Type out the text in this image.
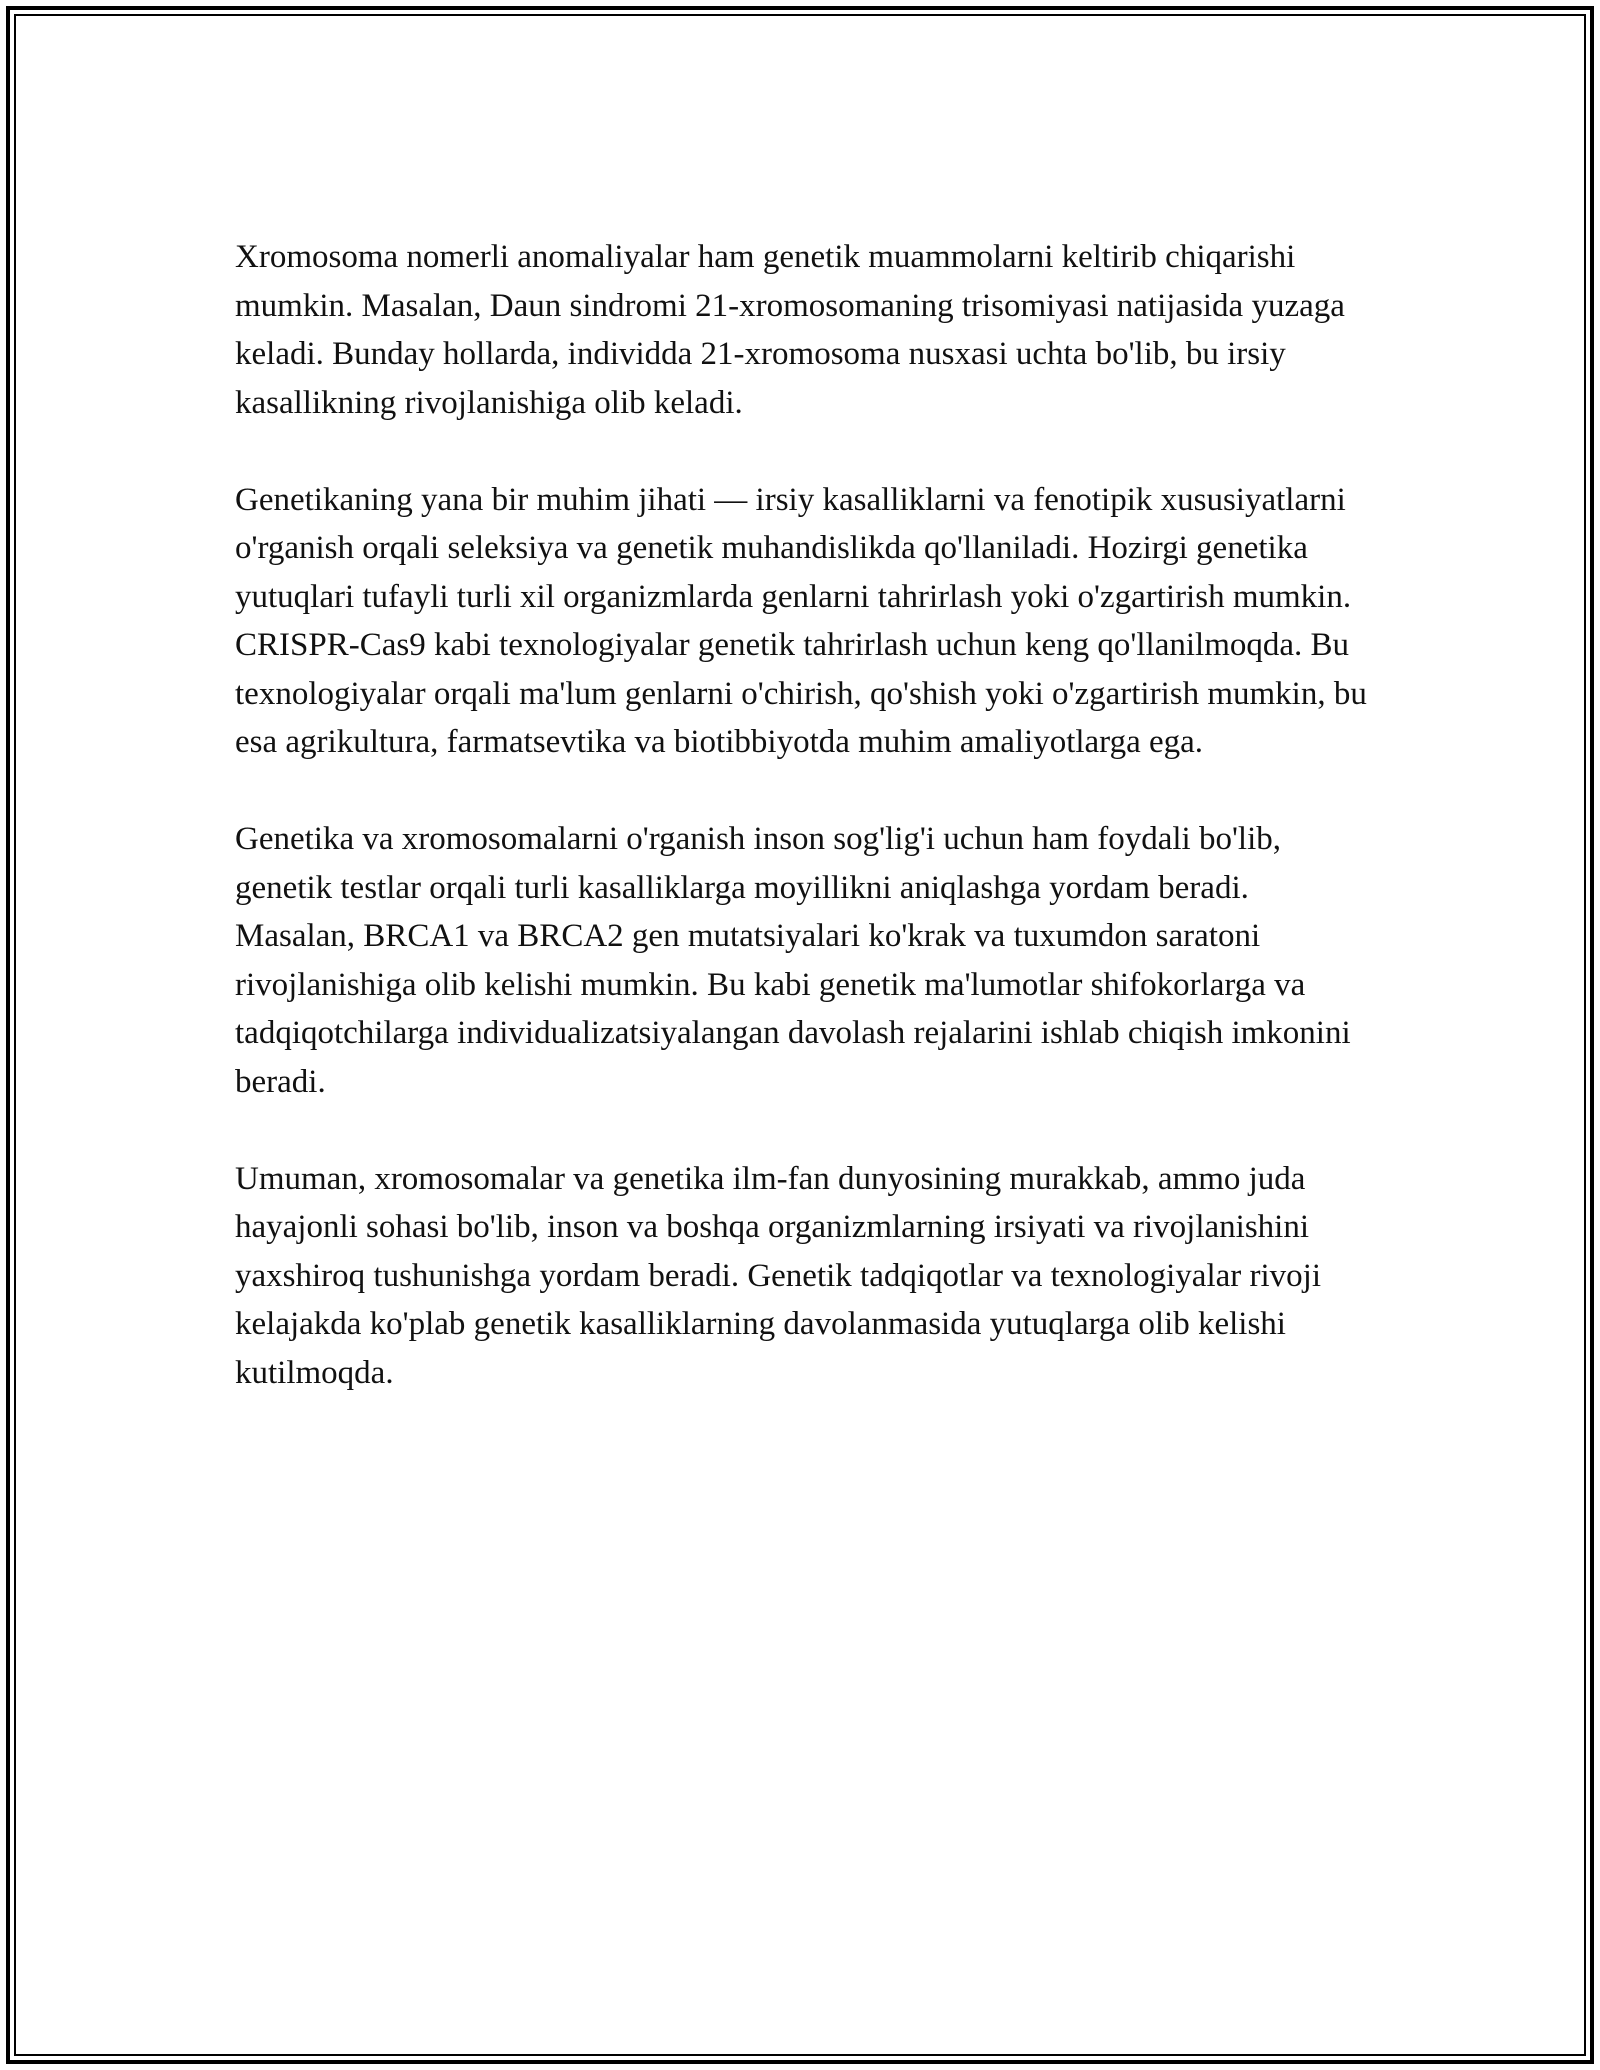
Xromosoma nomerli anomaliyalar ham genetik muammolarni keltirib chiqarishi mumkin. Masalan, Daun sindromi 21-xromosomaning trisomiyasi natijasida yuzaga keladi. Bunday hollarda, individda 21-xromosoma nusxasi uchta bo'lib, bu irsiy kasallikning rivojlanishiga olib keladi.

Genetikaning yana bir muhim jihati — irsiy kasalliklarni va fenotipik xususiyatlarni o'rganish orqali seleksiya va genetik muhandislikda qo'llaniladi. Hozirgi genetika yutuqlari tufayli turli xil organizmlarda genlarni tahrirlash yoki o'zgartirish mumkin. CRISPR-Cas9 kabi texnologiyalar genetik tahrirlash uchun keng qo'llanilmoqda. Bu texnologiyalar orqali ma'lum genlarni o'chirish, qo'shish yoki o'zgartirish mumkin, bu esa agrikultura, farmatsevtika va biotibbiyotda muhim amaliyotlarga ega.

Genetika va xromosomalarni o'rganish inson sog'lig'i uchun ham foydali bo'lib, genetik testlar orqali turli kasalliklarga moyillikni aniqlashga yordam beradi. Masalan, BRCA1 va BRCA2 gen mutatsiyalari ko'krak va tuxumdon saratoni rivojlanishiga olib kelishi mumkin. Bu kabi genetik ma'lumotlar shifokorlarga va tadqiqotchilarga individualizatsiyalangan davolash rejalarini ishlab chiqish imkonini beradi.

Umuman, xromosomalar va genetika ilm-fan dunyosining murakkab, ammo juda hayajonli sohasi bo'lib, inson va boshqa organizmlarning irsiyati va rivojlanishini yaxshiroq tushunishga yordam beradi. Genetik tadqiqotlar va texnologiyalar rivoji kelajakda ko'plab genetik kasalliklarning davolanmasida yutuqlarga olib kelishi kutilmoqda.
